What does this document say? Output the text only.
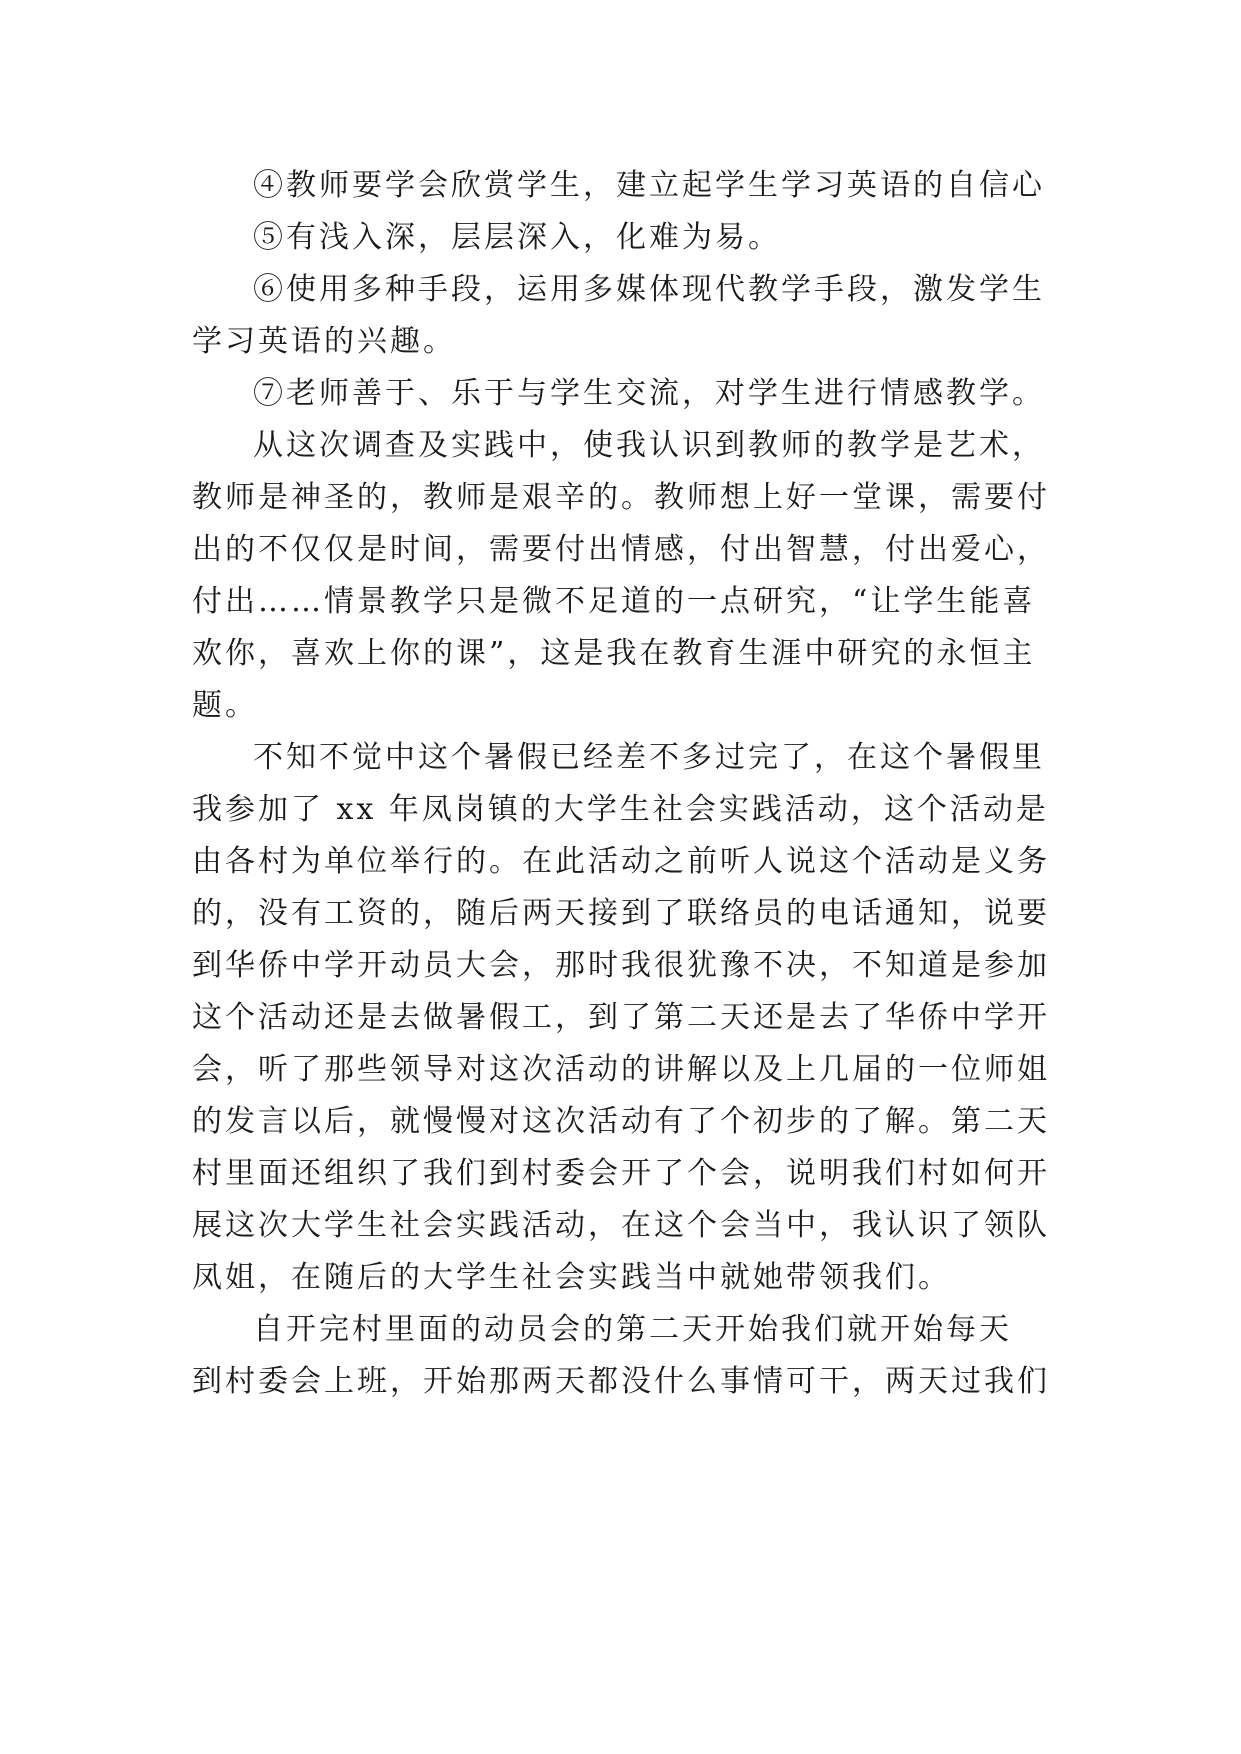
④教师要学会欣赏学生，建立起学生学习英语的自信心
⑤有浅入深，层层深入，化难为易。
⑥使用多种手段，运用多媒体现代教学手段，激发学生
学习英语的兴趣。
⑦老师善于、乐于与学生交流，对学生进行情感教学。
从这次调查及实践中，使我认识到教师的教学是艺术，
教师是神圣的，教师是艰辛的。教师想上好一堂课，需要付
出的不仅仅是时间，需要付出情感，付出智慧，付出爱心，
付出……情景教学只是微不足道的一点研究，“让学生能喜
欢你，喜欢上你的课”，这是我在教育生涯中研究的永恒主
题。
不知不觉中这个暑假已经差不多过完了，在这个暑假里
我参加了 xx 年凤岗镇的大学生社会实践活动，这个活动是
由各村为单位举行的。在此活动之前听人说这个活动是义务
的，没有工资的，随后两天接到了联络员的电话通知，说要
到华侨中学开动员大会，那时我很犹豫不决，不知道是参加
这个活动还是去做暑假工，到了第二天还是去了华侨中学开
会，听了那些领导对这次活动的讲解以及上几届的一位师姐
的发言以后，就慢慢对这次活动有了个初步的了解。第二天
村里面还组织了我们到村委会开了个会，说明我们村如何开
展这次大学生社会实践活动，在这个会当中，我认识了领队
凤姐，在随后的大学生社会实践当中就她带领我们。
自开完村里面的动员会的第二天开始我们就开始每天
到村委会上班，开始那两天都没什么事情可干，两天过我们
